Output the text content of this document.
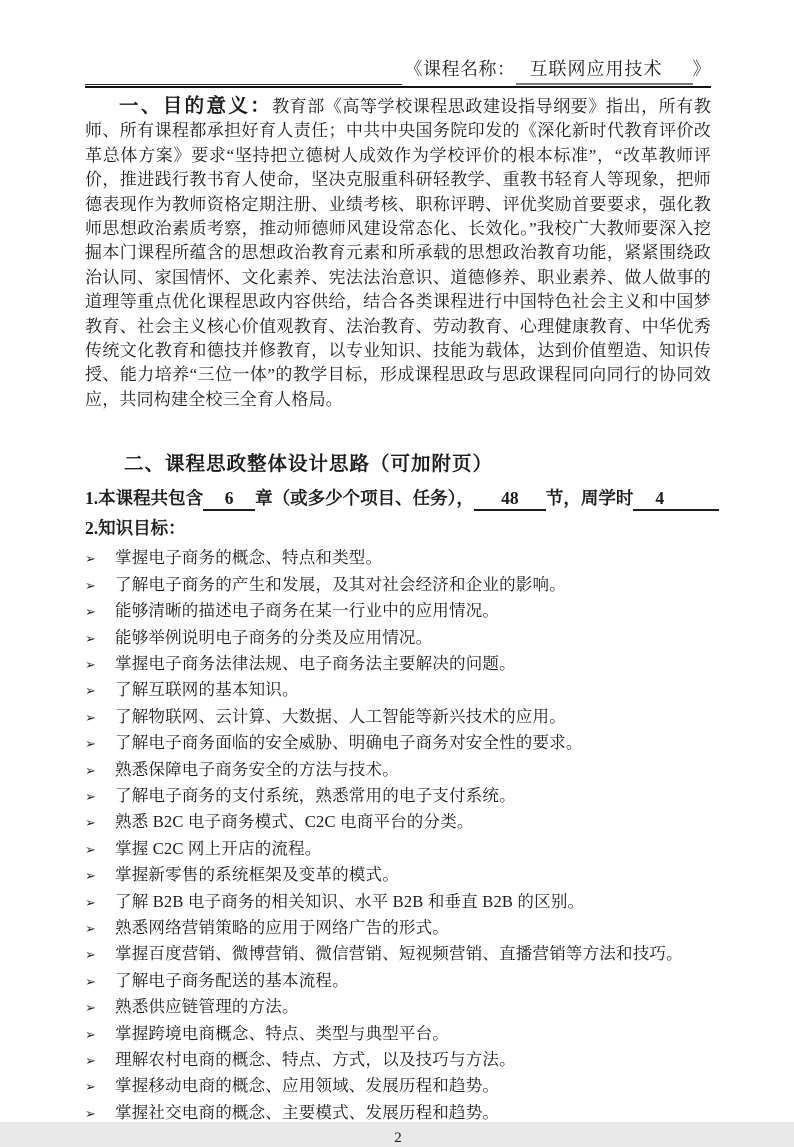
《课程名称： 互联网应用技术 》

一、目的意义：教育部《高等学校课程思政建设指导纲要》指出，所有教师、所有课程都承担好育人责任；中共中央国务院印发的《深化新时代教育评价改革总体方案》要求“坚持把立德树人成效作为学校评价的根本标准”，“改革教师评价，推进践行教书育人使命，坚决克服重科研轻教学、重教书轻育人等现象，把师德表现作为教师资格定期注册、业绩考核、职称评聘、评优奖励首要要求，强化教师思想政治素质考察，推动师德师风建设常态化、长效化。”我校广大教师要深入挖掘本门课程所蕴含的思想政治教育元素和所承载的思想政治教育功能，紧紧围绕政治认同、家国情怀、文化素养、宪法法治意识、道德修养、职业素养、做人做事的道理等重点优化课程思政内容供给，结合各类课程进行中国特色社会主义和中国梦教育、社会主义核心价值观教育、法治教育、劳动教育、心理健康教育、中华优秀传统文化教育和德技并修教育，以专业知识、技能为载体，达到价值塑造、知识传授、能力培养“三位一体”的教学目标，形成课程思政与思政课程同向同行的协同效应，共同构建全校三全育人格局。

二、课程思政整体设计思路（可加附页）
1.本课程共包含 6 章（或多少个项目、任务）， 48 节，周学时 4
2.知识目标：
➢	掌握电子商务的概念、特点和类型。
➢	了解电子商务的产生和发展，及其对社会经济和企业的影响。
➢	能够清晰的描述电子商务在某一行业中的应用情况。
➢	能够举例说明电子商务的分类及应用情况。
➢	掌握电子商务法律法规、电子商务法主要解决的问题。
➢	了解互联网的基本知识。
➢	了解物联网、云计算、大数据、人工智能等新兴技术的应用。
➢	了解电子商务面临的安全威胁、明确电子商务对安全性的要求。
➢	熟悉保障电子商务安全的方法与技术。
➢	了解电子商务的支付系统，熟悉常用的电子支付系统。
➢	熟悉 B2C 电子商务模式、C2C 电商平台的分类。
➢	掌握 C2C 网上开店的流程。
➢	掌握新零售的系统框架及变革的模式。
➢	了解 B2B 电子商务的相关知识、水平 B2B 和垂直 B2B 的区别。
➢	熟悉网络营销策略的应用于网络广告的形式。
➢	掌握百度营销、微博营销、微信营销、短视频营销、直播营销等方法和技巧。
➢	了解电子商务配送的基本流程。
➢	熟悉供应链管理的方法。
➢	掌握跨境电商概念、特点、类型与典型平台。
➢	理解农村电商的概念、特点、方式，以及技巧与方法。
➢	掌握移动电商的概念、应用领域、发展历程和趋势。
➢	掌握社交电商的概念、主要模式、发展历程和趋势。
2
